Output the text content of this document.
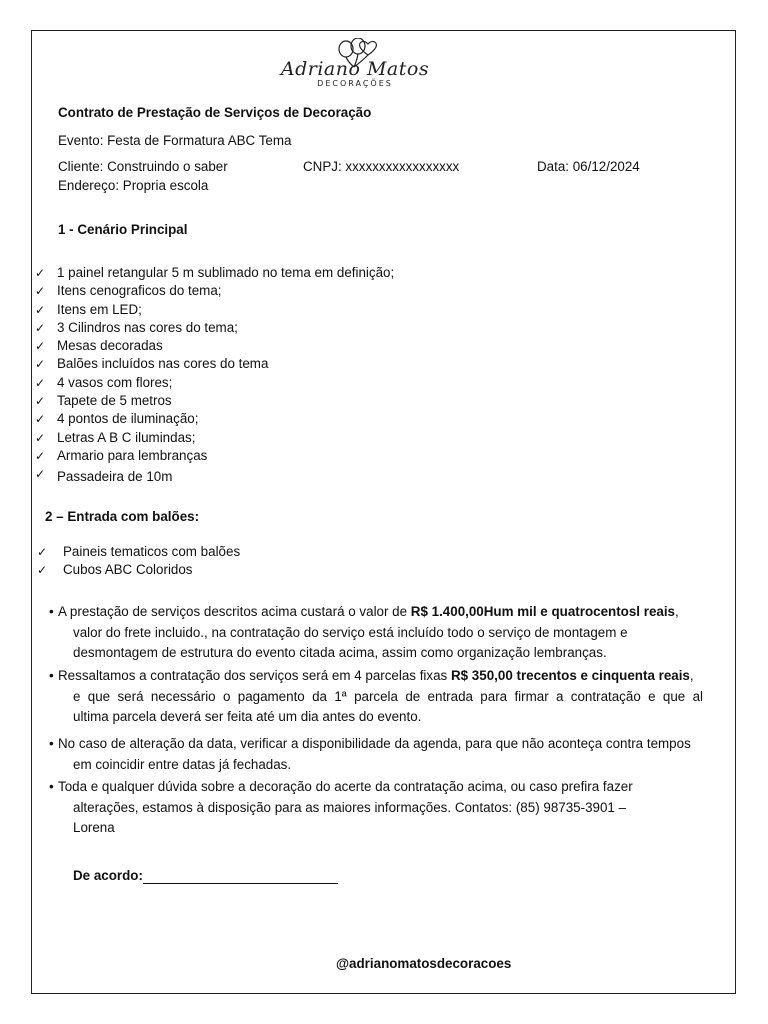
Adriano Matos
DECORAÇÕES
Contrato de Prestação de Serviços de Decoração
Evento: Festa de Formatura ABC Tema
Cliente: Construindo o saber	CNPJ: xxxxxxxxxxxxxxxxx	Data: 06/12/2024
Endereço: Propria escola
1 - Cenário Principal
✓ 1 painel retangular 5 m sublimado no tema em definição;
✓ Itens cenograficos do tema;
✓ Itens em LED;
✓ 3 Cilindros nas cores do tema;
✓ Mesas decoradas
✓ Balões incluídos nas cores do tema
✓ 4 vasos com flores;
✓ Tapete de 5 metros
✓ 4 pontos de iluminação;
✓ Letras A B C ilumindas;
✓ Armario para lembranças
✓ Passadeira de 10m
2 – Entrada com balões:
✓ Paineis tematicos com balões
✓ Cubos ABC Coloridos
• A prestação de serviços descritos acima custará o valor de R$ 1.400,00Hum mil e quatrocentosl reais,
valor do frete incluido., na contratação do serviço está incluído todo o serviço de montagem e
desmontagem de estrutura do evento citada acima, assim como organização lembranças.
• Ressaltamos a contratação dos serviços será em 4 parcelas fixas R$ 350,00 trecentos e cinquenta reais,
e que será necessário o pagamento da 1ª parcela de entrada para firmar a contratação e que al
ultima parcela deverá ser feita até um dia antes do evento.
• No caso de alteração da data, verificar a disponibilidade da agenda, para que não aconteça contra tempos
em coincidir entre datas já fechadas.
• Toda e qualquer dúvida sobre a decoração do acerte da contratação acima, ou caso prefira fazer
alterações, estamos à disposição para as maiores informações. Contatos: (85) 98735-3901 –
Lorena
De acordo:
@adrianomatosdecoracoes
